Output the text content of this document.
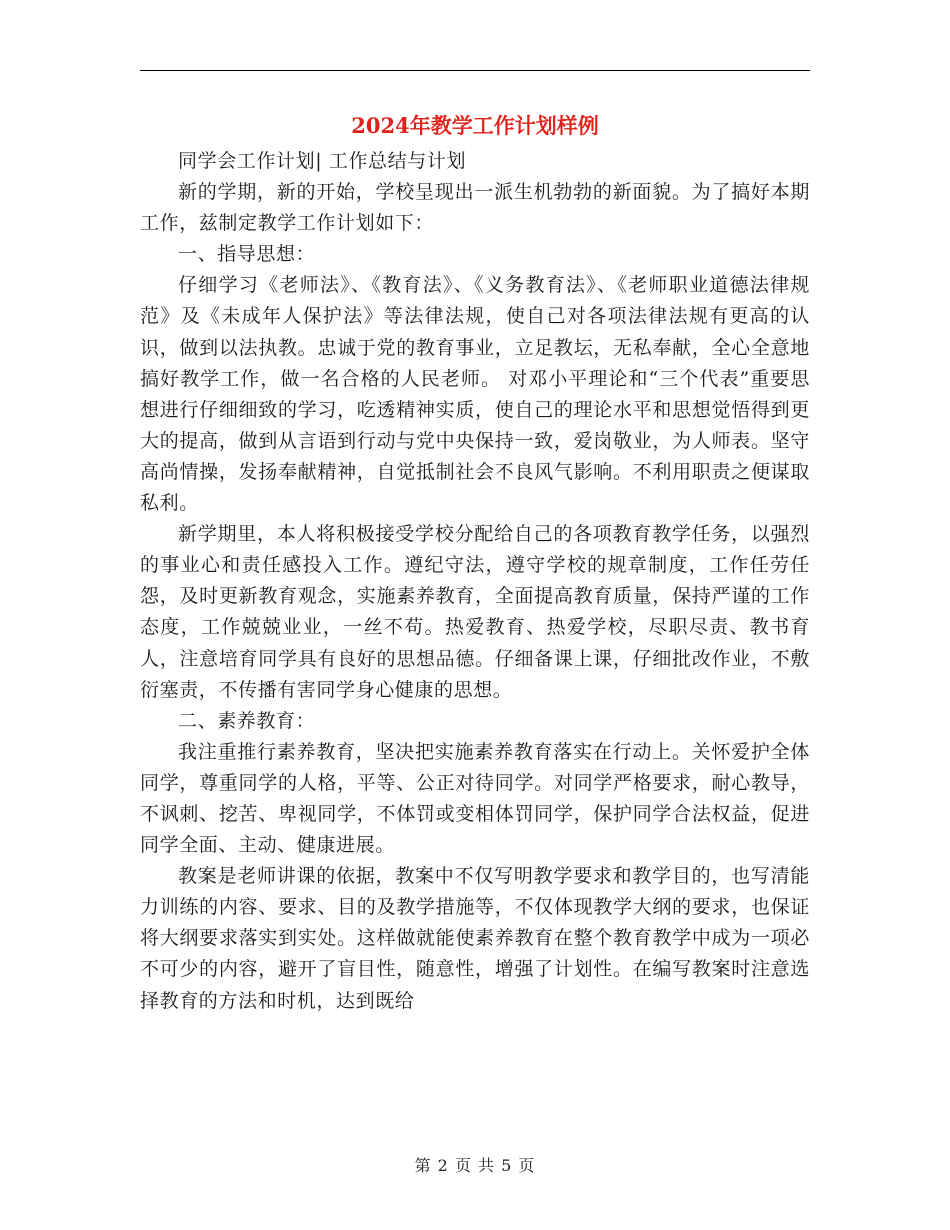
2024年教学工作计划样例

同学会工作计划| 工作总结与计划

新的学期，新的开始，学校呈现出一派生机勃勃的新面貌。为了搞好本期工作，兹制定教学工作计划如下：

一、指导思想：

仔细学习《老师法》、《教育法》、《义务教育法》、《老师职业道德法律规范》及《未成年人保护法》等法律法规，使自己对各项法律法规有更高的认识，做到以法执教。忠诚于党的教育事业，立足教坛，无私奉献，全心全意地搞好教学工作，做一名合格的人民老师。 对邓小平理论和“三个代表”重要思想进行仔细细致的学习，吃透精神实质，使自己的理论水平和思想觉悟得到更大的提高，做到从言语到行动与党中央保持一致，爱岗敬业，为人师表。坚守高尚情操，发扬奉献精神，自觉抵制社会不良风气影响。不利用职责之便谋取私利。

新学期里，本人将积极接受学校分配给自己的各项教育教学任务，以强烈的事业心和责任感投入工作。遵纪守法，遵守学校的规章制度，工作任劳任怨，及时更新教育观念，实施素养教育，全面提高教育质量，保持严谨的工作态度，工作兢兢业业，一丝不苟。热爱教育、热爱学校，尽职尽责、教书育人，注意培育同学具有良好的思想品德。仔细备课上课，仔细批改作业，不敷衍塞责，不传播有害同学身心健康的思想。

二、素养教育：

我注重推行素养教育，坚决把实施素养教育落实在行动上。关怀爱护全体同学，尊重同学的人格，平等、公正对待同学。对同学严格要求，耐心教导，不讽刺、挖苦、卑视同学，不体罚或变相体罚同学，保护同学合法权益，促进同学全面、主动、健康进展。

教案是老师讲课的依据，教案中不仅写明教学要求和教学目的，也写清能力训练的内容、要求、目的及教学措施等，不仅体现教学大纲的要求，也保证将大纲要求落实到实处。这样做就能使素养教育在整个教育教学中成为一项必不可少的内容，避开了盲目性，随意性，增强了计划性。在编写教案时注意选择教育的方法和时机，达到既给

第 2 页 共 5 页
